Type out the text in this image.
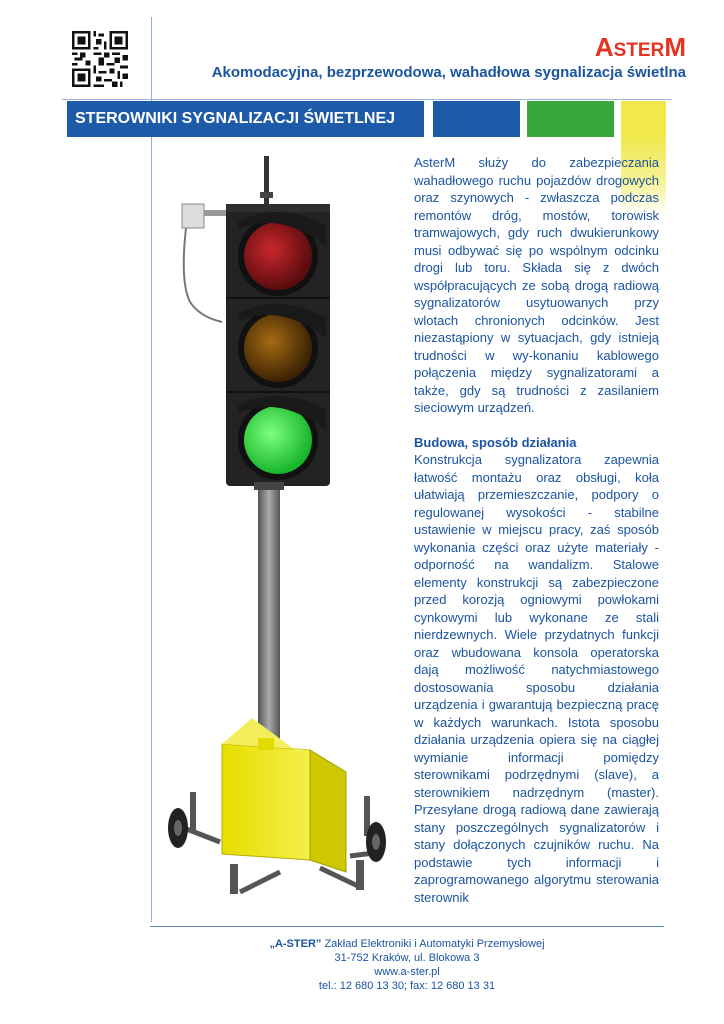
ASTERM
Akomodacyjna, bezprzewodowa, wahadłowa sygnalizacja świetlna
STEROWNIKI SYGNALIZACJI ŚWIETLNEJ

AsterM służy do zabezpieczania wahadłowego ruchu pojazdów drogowych oraz szynowych - zwłaszcza podczas remontów dróg, mostów, torowisk tramwajowych, gdy ruch dwukierunkowy musi odbywać się po wspólnym odcinku drogi lub toru. Składa się z dwóch współpracujących ze sobą drogą radiową sygnalizatorów usytuowanych przy wlotach chronionych odcinków. Jest niezastąpiony w sytuacjach, gdy istnieją trudności w wy-konaniu kablowego połączenia między sygnalizatorami a także, gdy są trudności z zasilaniem sieciowym urządzeń.

Budowa, sposób działania

Konstrukcja sygnalizatora zapewnia łatwość montażu oraz obsługi, koła ułatwiają przemieszczanie, podpory o regulowanej wysokości - stabilne ustawienie w miejscu pracy, zaś sposób wykonania części oraz użyte materiały - odporność na wandalizm. Stalowe elementy konstrukcji są zabezpieczone przed korozją ogniowymi powłokami cynkowymi lub wykonane ze stali nierdzewnych. Wiele przydatnych funkcji oraz wbudowana konsola operatorska dają możliwość natychmiastowego dostosowania sposobu działania urządzenia i gwarantują bezpieczną pracę w każdych warunkach. Istota sposobu działania urządzenia opiera się na ciągłej wymianie informacji pomiędzy sterownikami podrzędnymi (slave), a sterownikiem nadrzędnym (master). Przesyłane drogą radiową dane zawierają stany poszczególnych sygnalizatorów i stany dołączonych czujników ruchu. Na podstawie tych informacji i zaprogramowanego algorytmu sterowania sterownik

„A-STER” Zakład Elektroniki i Automatyki Przemysłowej
31-752 Kraków, ul. Blokowa 3
www.a-ster.pl
tel.: 12 680 13 30; fax: 12 680 13 31
